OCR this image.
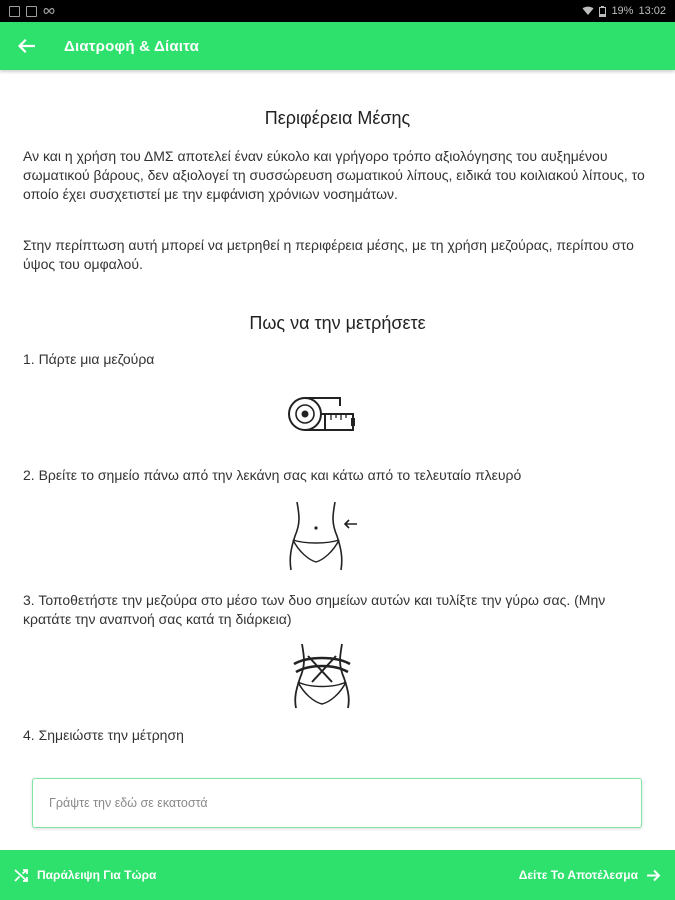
19% 13:02
Διατροφή & Δίαιτα
Περιφέρεια Μέσης
Αν και η χρήση του ΔΜΣ αποτελεί έναν εύκολο και γρήγορο τρόπο αξιολόγησης του αυξημένου σωματικού βάρους, δεν αξιολογεί τη συσσώρευση σωματικού λίπους, ειδικά του κοιλιακού λίπους, το οποίο έχει συσχετιστεί με την εμφάνιση χρόνιων νοσημάτων.
Στην περίπτωση αυτή μπορεί να μετρηθεί η περιφέρεια μέσης, με τη χρήση μεζούρας, περίπου στο ύψος του ομφαλού.
Πως να την μετρήσετε
1. Πάρτε μια μεζούρα
2. Βρείτε το σημείο πάνω από την λεκάνη σας και κάτω από το τελευταίο πλευρό
3. Τοποθετήστε την μεζούρα στο μέσο των δυο σημείων αυτών και τυλίξτε την γύρω σας. (Μην κρατάτε την αναπνοή σας κατά τη διάρκεια)
4. Σημειώστε την μέτρηση
Γράψτε την εδώ σε εκατοστά
Παράλειψη Για Τώρα	Δείτε Το Αποτέλεσμα
